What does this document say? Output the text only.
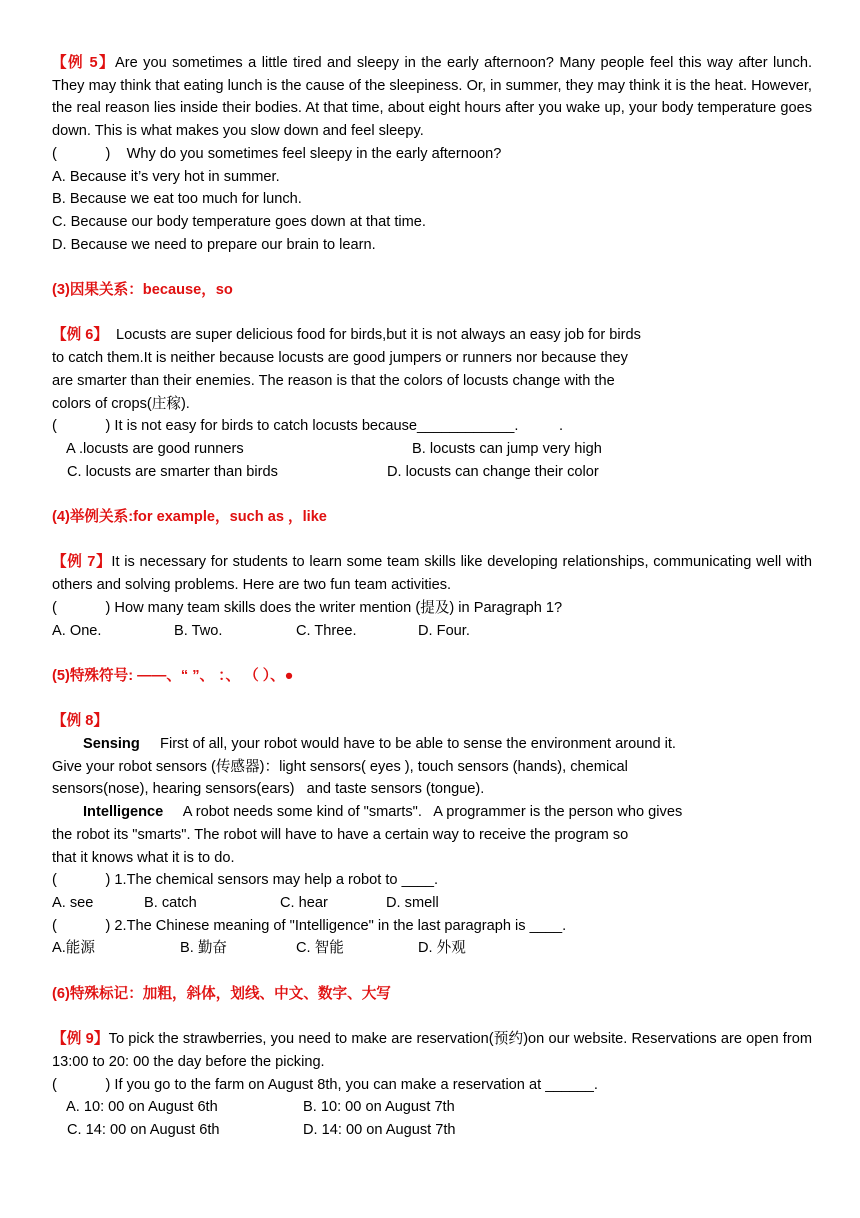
【例 5】Are you sometimes a little tired and sleepy in the early afternoon? Many people feel this way after lunch. They may think that eating lunch is the cause of the sleepiness. Or, in summer, they may think it is the heat. However, the real reason lies inside their bodies. At that time, about eight hours after you wake up, your body temperature goes down. This is what makes you slow down and feel sleepy.

(            )    Why do you sometimes feel sleepy in the early afternoon?

A. Because it’s very hot in summer.

B. Because we eat too much for lunch.

C. Because our body temperature goes down at that time.

D. Because we need to prepare our brain to learn.

(3)因果关系：because，so

【例 6】  Locusts are super delicious food for birds,but it is not always an easy job for birds

to catch them.It is neither because locusts are good jumpers or runners nor because they

are smarter than their enemies. The reason is that the colors of locusts change with the

colors of crops(庄稼).

(            ) It is not easy for birds to catch locusts because____________.          .

A .locusts are good runners	B. locusts can jump very high
C. locusts are smarter than birds	D. locusts can change their color

(4)举例关系:for example，such as ，like

【例 7】It is necessary for students to learn some team skills like developing relationships, communicating well with others and solving problems. Here are two fun team activities.

(            ) How many team skills does the writer mention (提及) in Paragraph 1?

A. One.	B. Two.	C. Three.	D. Four.

(5)特殊符号: ——、“ ”、 ：、 （ ）、●

【例 8】

Sensing     First of all, your robot would have to be able to sense the environment around it.

Give your robot sensors (传感器)：light sensors( eyes ), touch sensors (hands), chemical

sensors(nose), hearing sensors(ears)   and taste sensors (tongue).

Intelligence     A robot needs some kind of "smarts".   A programmer is the person who gives

the robot its "smarts". The robot will have to have a certain way to receive the program so

that it knows what it is to do.

(            ) 1.The chemical sensors may help a robot to ____.

A. see	B. catch	C. hear	D. smell

(            ) 2.The Chinese meaning of "Intelligence" in the last paragraph is ____.

A.能源	B. 勤奋	C. 智能	D. 外观

(6)特殊标记：加粗，斜体，划线、中文、数字、大写

【例 9】To pick the strawberries, you need to make are reservation(预约)on our website. Reservations are open from 13:00 to 20: 00 the day before the picking.

(            ) If you go to the farm on August 8th, you can make a reservation at ______.

A. 10: 00 on August 6th	B. 10: 00 on August 7th
C. 14: 00 on August 6th	D. 14: 00 on August 7th
